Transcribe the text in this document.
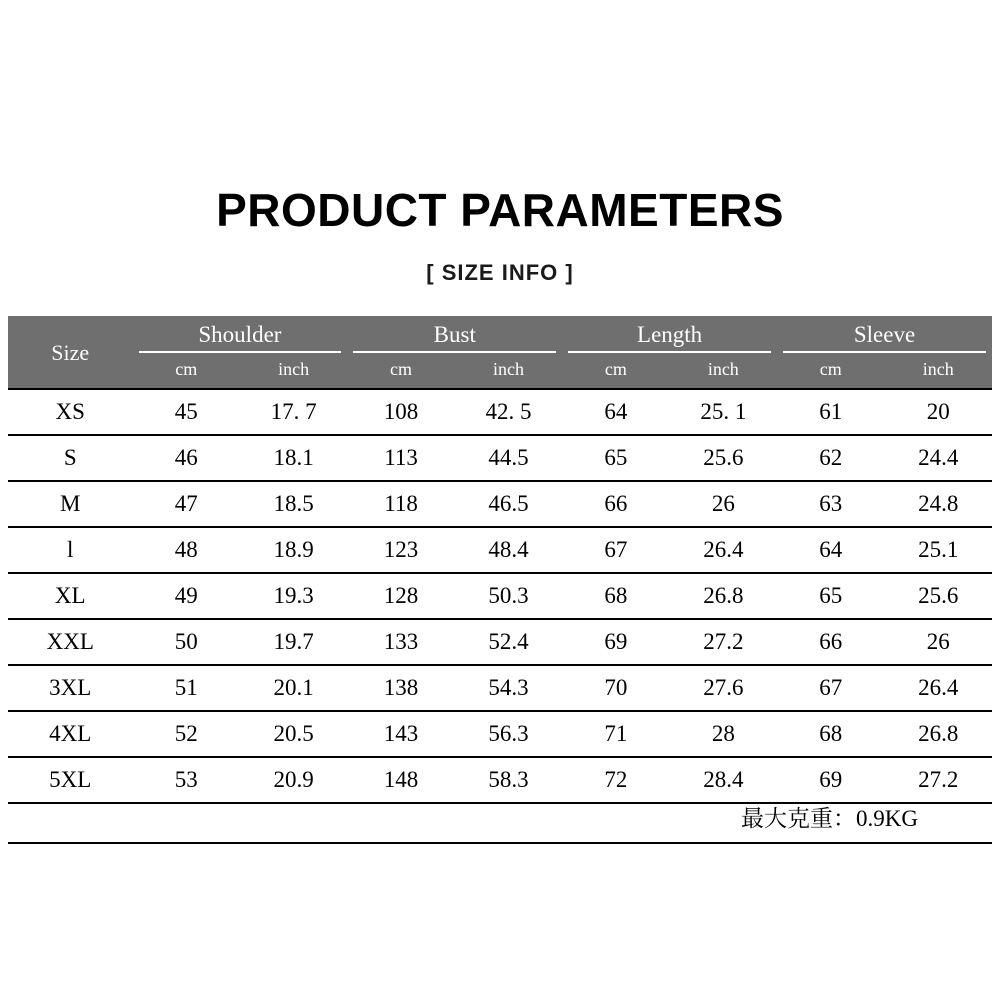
PRODUCT PARAMETERS
[ SIZE INFO ]
Size	Shoulder		Bust		Length		Sleeve	

	cm	inch	cm	inch	cm	inch	cm	inch
XS	45	17. 7	108	42. 5	64	25. 1	61	20
S	46	18.1	113	44.5	65	25.6	62	24.4
M	47	18.5	118	46.5	66	26	63	24.8
l	48	18.9	123	48.4	67	26.4	64	25.1
XL	49	19.3	128	50.3	68	26.8	65	25.6
XXL	50	19.7	133	52.4	69	27.2	66	26
3XL	51	20.1	138	54.3	70	27.6	67	26.4
4XL	52	20.5	143	56.3	71	28	68	26.8
5XL	53	20.9	148	58.3	72	28.4	69	27.2
最大克重：0.9KG
